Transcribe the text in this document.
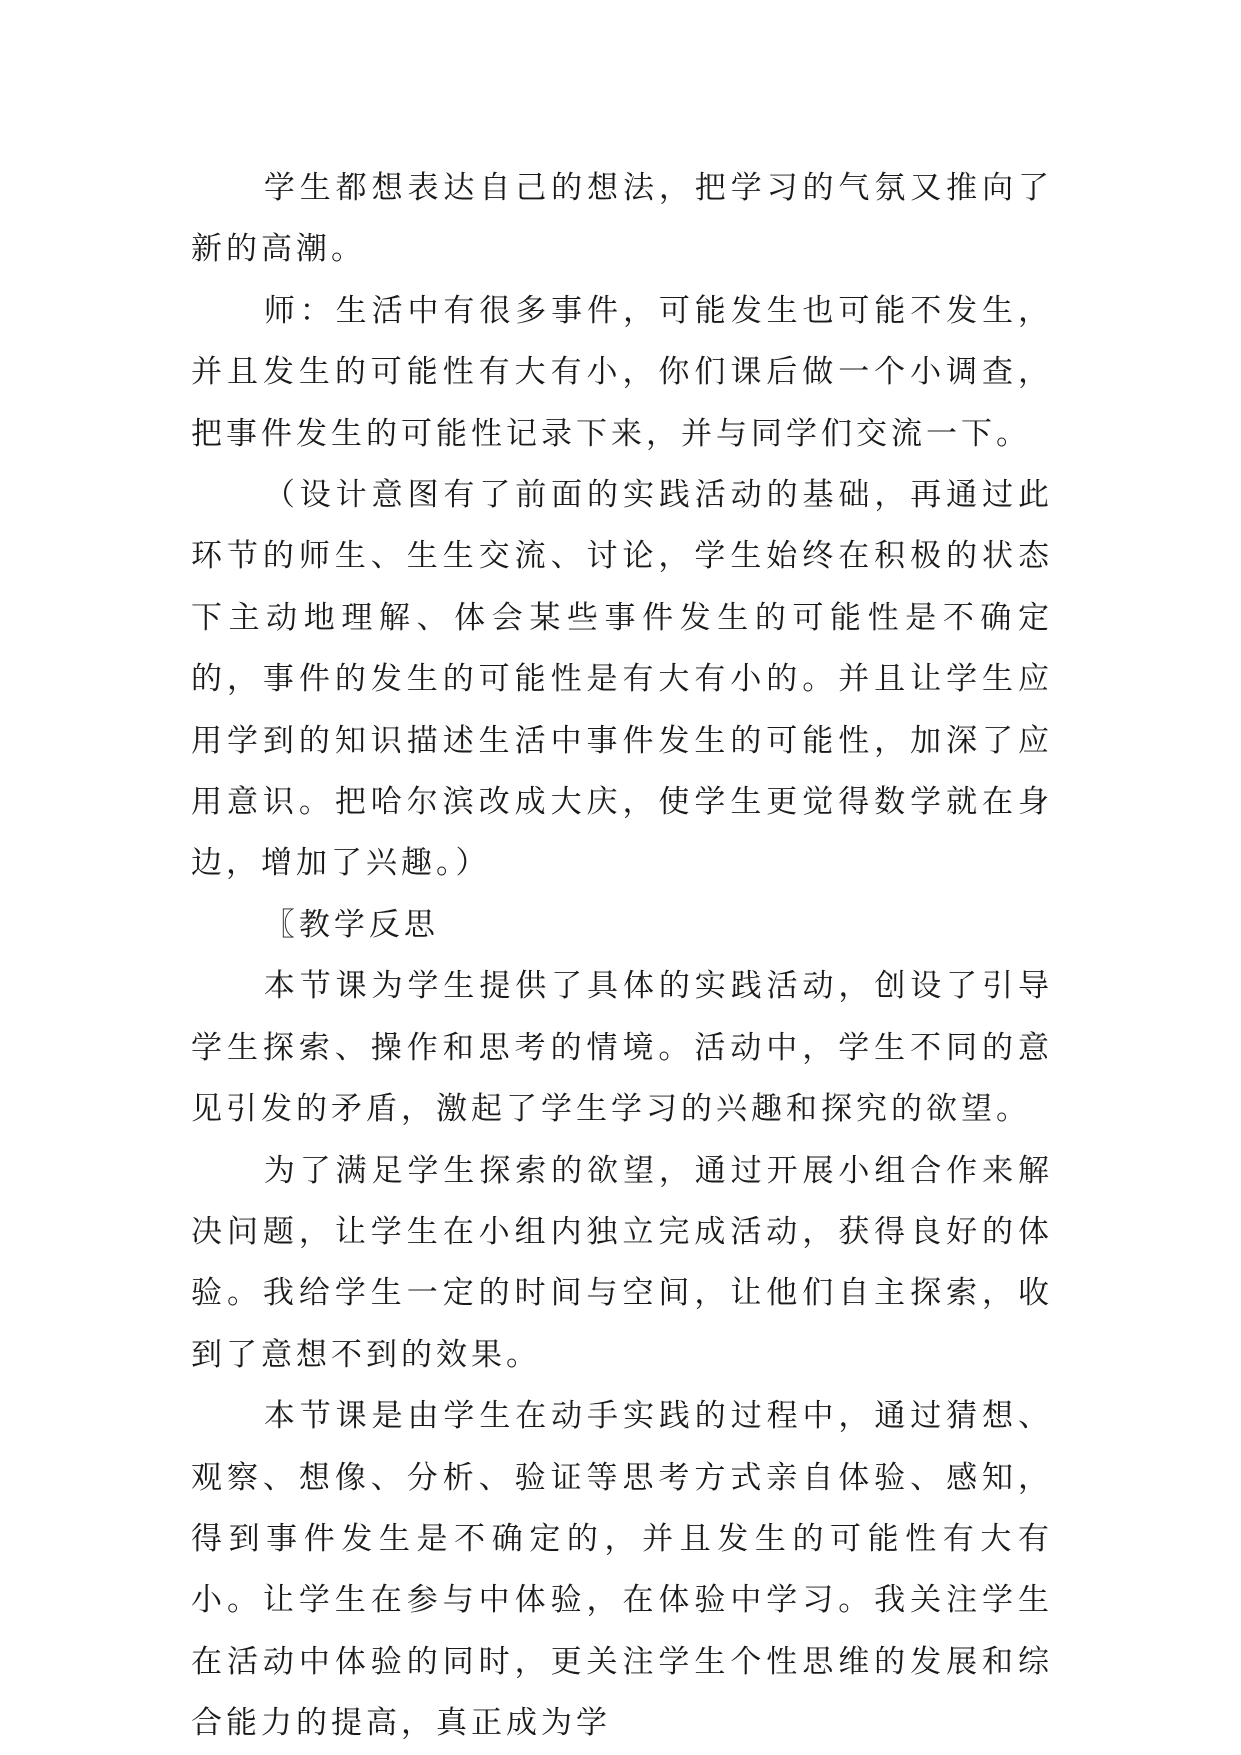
学生都想表达自己的想法，把学习的气氛又推向了新的高潮。

师：生活中有很多事件，可能发生也可能不发生，并且发生的可能性有大有小，你们课后做一个小调查，把事件发生的可能性记录下来，并与同学们交流一下。

（设计意图有了前面的实践活动的基础，再通过此环节的师生、生生交流、讨论，学生始终在积极的状态下主动地理解、体会某些事件发生的可能性是不确定的，事件的发生的可能性是有大有小的。并且让学生应用学到的知识描述生活中事件发生的可能性，加深了应用意识。把哈尔滨改成大庆，使学生更觉得数学就在身边，增加了兴趣。）

〖教学反思

本节课为学生提供了具体的实践活动，创设了引导学生探索、操作和思考的情境。活动中，学生不同的意见引发的矛盾，激起了学生学习的兴趣和探究的欲望。

为了满足学生探索的欲望，通过开展小组合作来解决问题，让学生在小组内独立完成活动，获得良好的体验。我给学生一定的时间与空间，让他们自主探索，收到了意想不到的效果。

本节课是由学生在动手实践的过程中，通过猜想、观察、想像、分析、验证等思考方式亲自体验、感知，得到事件发生是不确定的，并且发生的可能性有大有小。让学生在参与中体验，在体验中学习。我关注学生在活动中体验的同时，更关注学生个性思维的发展和综合能力的提高，真正成为学
